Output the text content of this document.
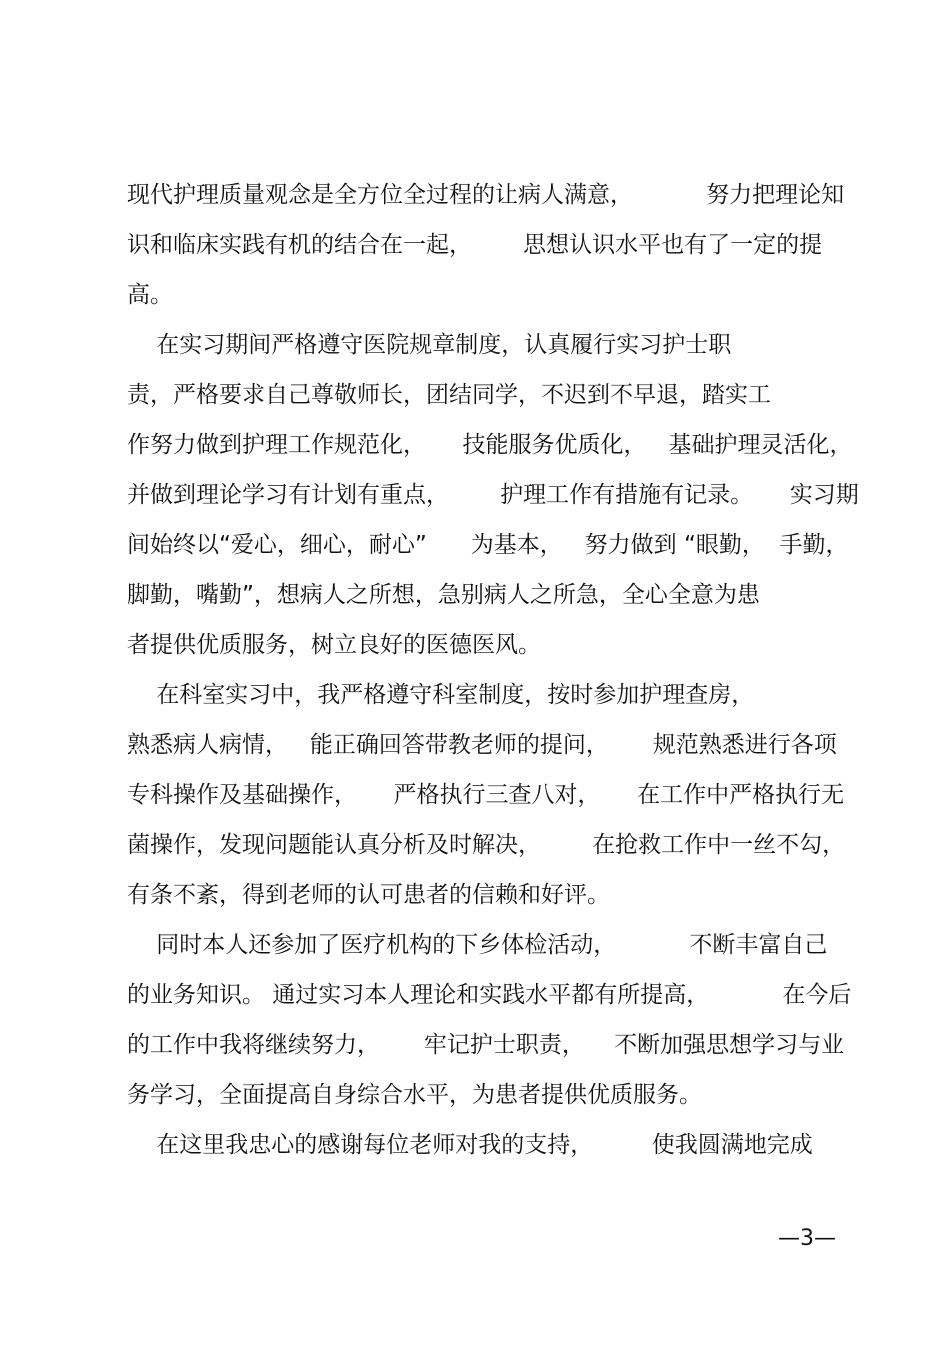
现代护理质量观念是全方位全过程的让病人满意，          努力把理论知

识和临床实践有机的结合在一起，       思想认识水平也有了一定的提

高。

在实习期间严格遵守医院规章制度，认真履行实习护士职

责，严格要求自己尊敬师长，团结同学，不迟到不早退，踏实工

作努力做到护理工作规范化，     技能服务优质化，   基础护理灵活化，

并做到理论学习有计划有重点，       护理工作有措施有记录。     实习期

间始终以“爱心，细心，耐心”      为基本，   努力做到 “眼勤，  手勤，

脚勤，嘴勤”，想病人之所想，急别病人之所急，全心全意为患

者提供优质服务，树立良好的医德医风。

在科室实习中，我严格遵守科室制度，按时参加护理查房，

熟悉病人病情，   能正确回答带教老师的提问，      规范熟悉进行各项

专科操作及基础操作，     严格执行三查八对，     在工作中严格执行无

菌操作，发现问题能认真分析及时解决，       在抢救工作中一丝不勾，

有条不紊，得到老师的认可患者的信赖和好评。

同时本人还参加了医疗机构的下乡体检活动，          不断丰富自己

的业务知识。 通过实习本人理论和实践水平都有所提高，          在今后

的工作中我将继续努力，      牢记护士职责，    不断加强思想学习与业

务学习，全面提高自身综合水平，为患者提供优质服务。

在这里我忠心的感谢每位老师对我的支持，        使我圆满地完成

—3—
